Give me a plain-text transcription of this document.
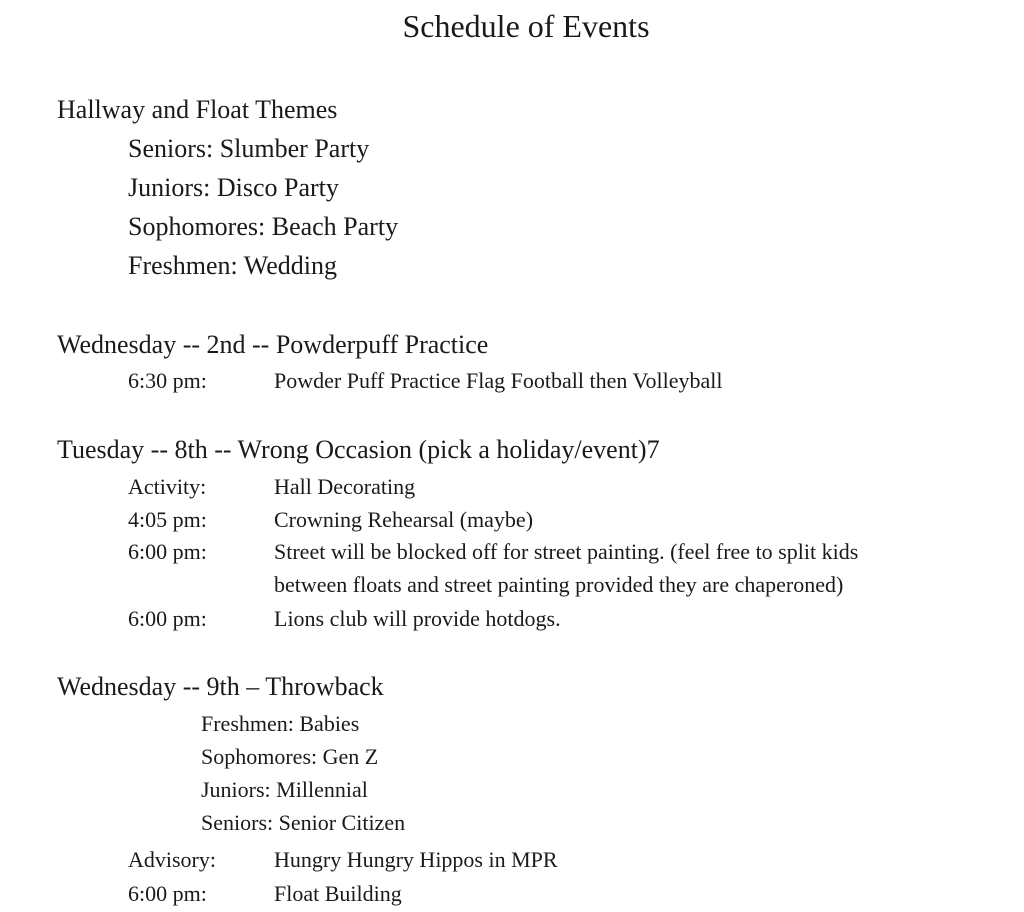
Schedule of Events
Hallway and Float Themes
Seniors: Slumber Party
Juniors: Disco Party
Sophomores: Beach Party
Freshmen: Wedding
Wednesday -- 2nd -- Powderpuff Practice
6:30 pm:	Powder Puff Practice Flag Football then Volleyball
Tuesday -- 8th -- Wrong Occasion (pick a holiday/event)7
Activity:	Hall Decorating
4:05 pm:	Crowning Rehearsal (maybe)
6:00 pm:	Street will be blocked off for street painting. (feel free to split kids
between floats and street painting provided they are chaperoned)
6:00 pm:	Lions club will provide hotdogs.
Wednesday -- 9th – Throwback
Freshmen: Babies
Sophomores: Gen Z
Juniors: Millennial
Seniors: Senior Citizen
Advisory:	Hungry Hungry Hippos in MPR
6:00 pm:	Float Building
